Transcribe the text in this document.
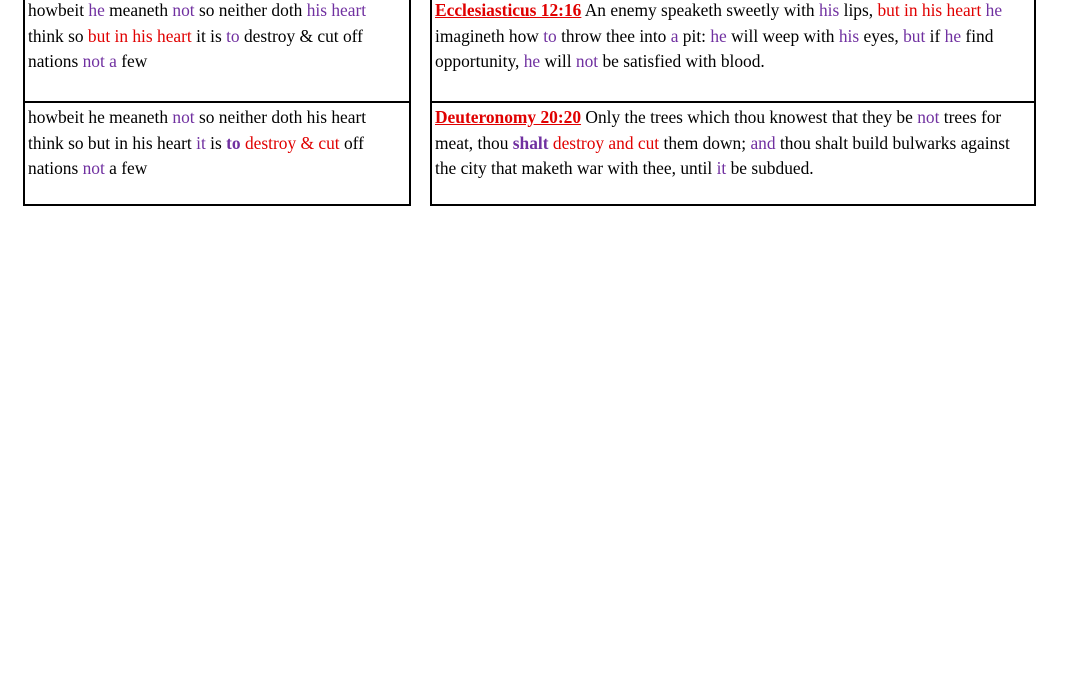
howbeit he meaneth not so neither doth his heart think so but in his heart it is to destroy & cut off nations not a few
Ecclesiasticus 12:16 An enemy speaketh sweetly with his lips, but in his heart he imagineth how to throw thee into a pit: he will weep with his eyes, but if he find opportunity, he will not be satisfied with blood.
howbeit he meaneth not so neither doth his heart think so but in his heart it is to destroy & cut off nations not a few
Deuteronomy 20:20 Only the trees which thou knowest that they be not trees for meat, thou shalt destroy and cut them down; and thou shalt build bulwarks against the city that maketh war with thee, until it be subdued.
